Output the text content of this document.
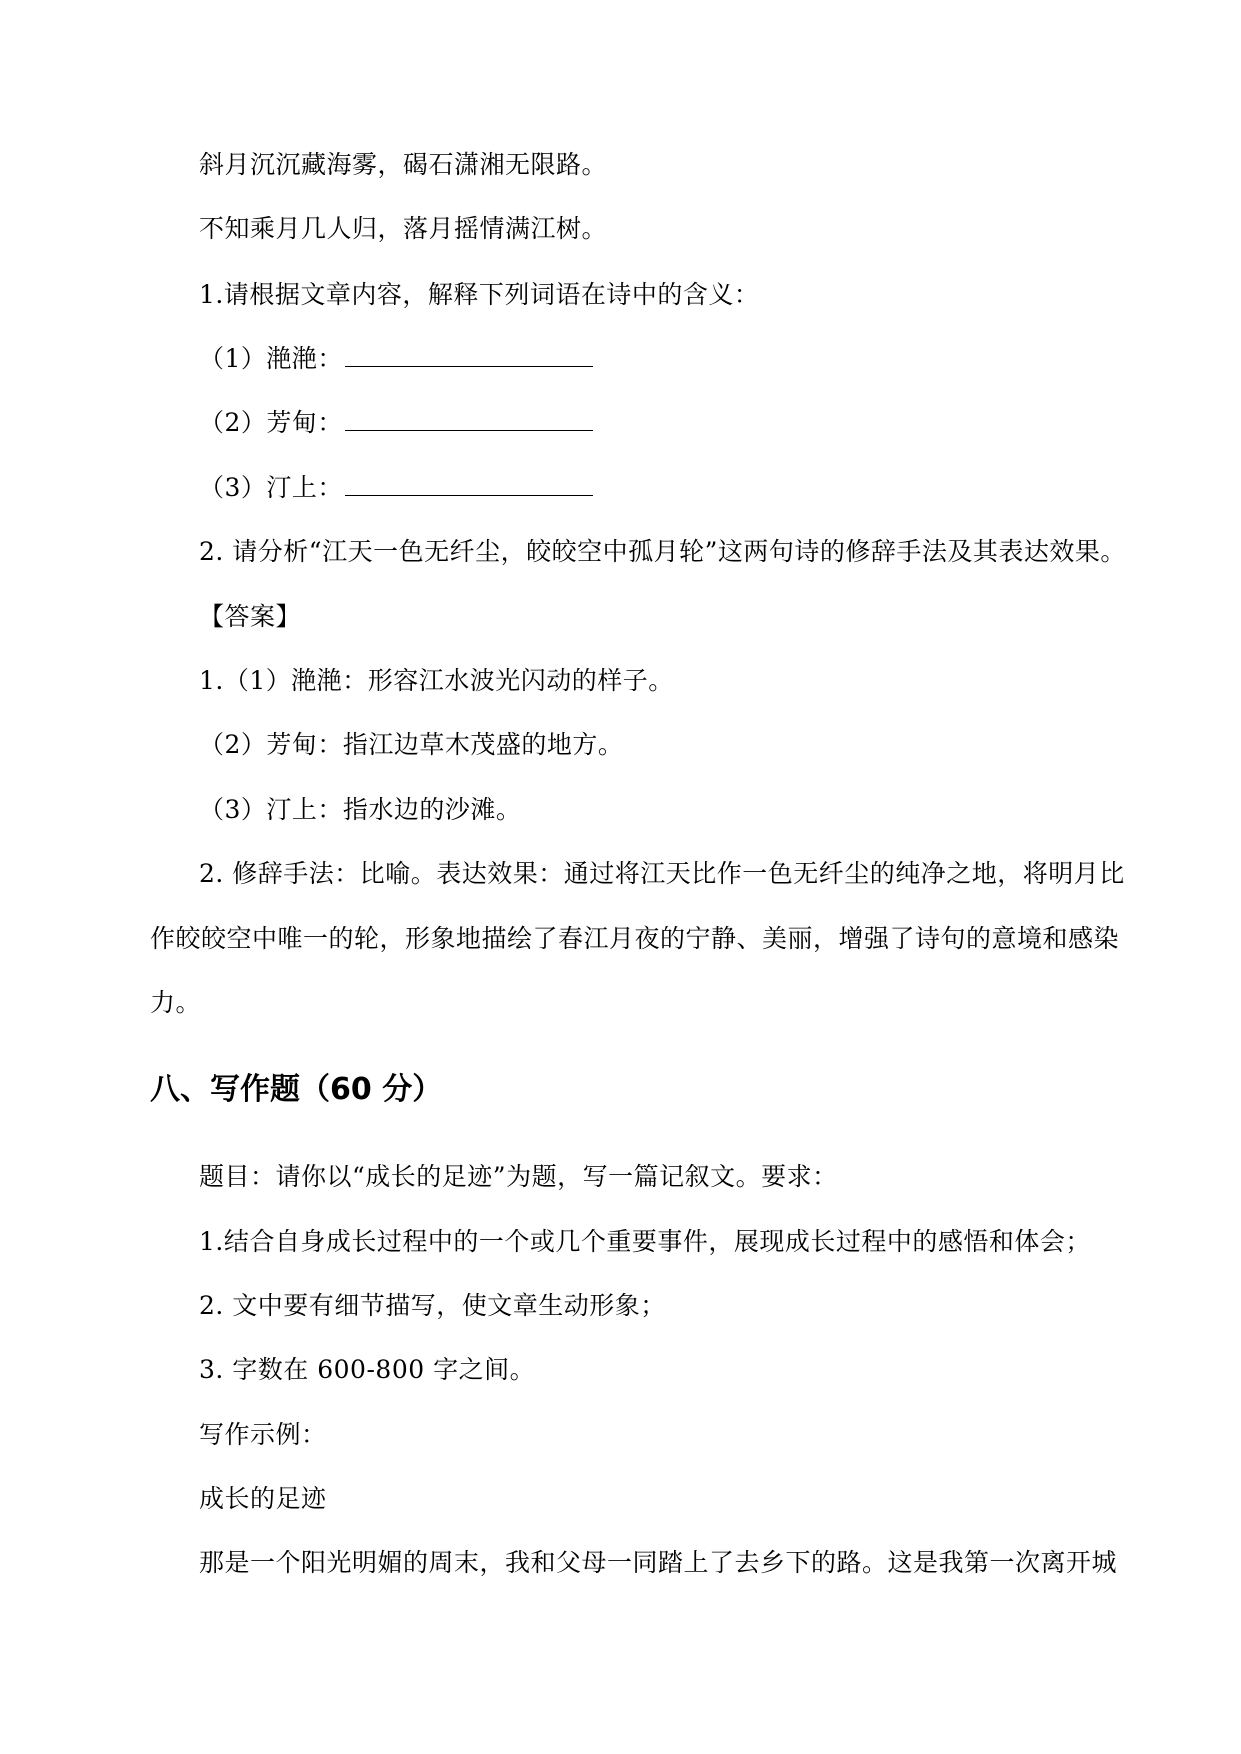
斜月沉沉藏海雾，碣石潇湘无限路。
不知乘月几人归，落月摇情满江树。
1.请根据文章内容，解释下列词语在诗中的含义：
（1）滟滟：
（2）芳甸：
（3）汀上：
2. 请分析“江天一色无纤尘，皎皎空中孤月轮”这两句诗的修辞手法及其表达效果。
【答案】
1.（1）滟滟：形容江水波光闪动的样子。
（2）芳甸：指江边草木茂盛的地方。
（3）汀上：指水边的沙滩。
2. 修辞手法：比喻。表达效果：通过将江天比作一色无纤尘的纯净之地，将明月比
作皎皎空中唯一的轮，形象地描绘了春江月夜的宁静、美丽，增强了诗句的意境和感染
力。
八、写作题（60 分）
题目：请你以“成长的足迹”为题，写一篇记叙文。要求：
1.结合自身成长过程中的一个或几个重要事件，展现成长过程中的感悟和体会；
2. 文中要有细节描写，使文章生动形象；
3. 字数在 600-800 字之间。
写作示例：
成长的足迹
那是一个阳光明媚的周末，我和父母一同踏上了去乡下的路。这是我第一次离开城
